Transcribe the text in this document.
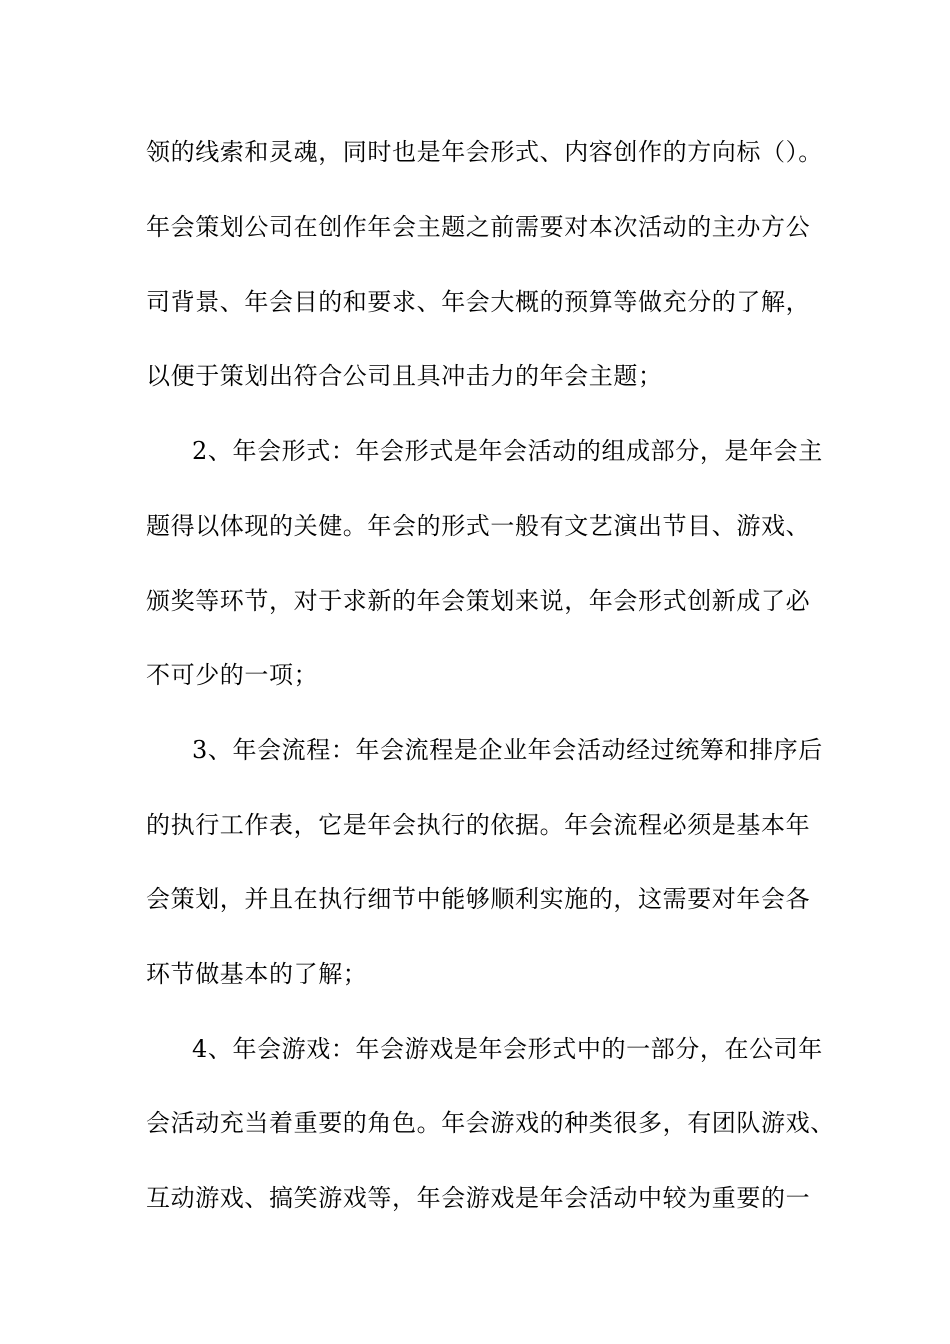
领的线索和灵魂，同时也是年会形式、内容创作的方向标（）。
年会策划公司在创作年会主题之前需要对本次活动的主办方公
司背景、年会目的和要求、年会大概的预算等做充分的了解，
以便于策划出符合公司且具冲击力的年会主题；
2、年会形式：年会形式是年会活动的组成部分，是年会主
题得以体现的关健。年会的形式一般有文艺演出节目、游戏、
颁奖等环节，对于求新的年会策划来说，年会形式创新成了必
不可少的一项；
3、年会流程：年会流程是企业年会活动经过统筹和排序后
的执行工作表，它是年会执行的依据。年会流程必须是基本年
会策划，并且在执行细节中能够顺利实施的，这需要对年会各
环节做基本的了解；
4、年会游戏：年会游戏是年会形式中的一部分，在公司年
会活动充当着重要的角色。年会游戏的种类很多，有团队游戏、
互动游戏、搞笑游戏等，年会游戏是年会活动中较为重要的一
